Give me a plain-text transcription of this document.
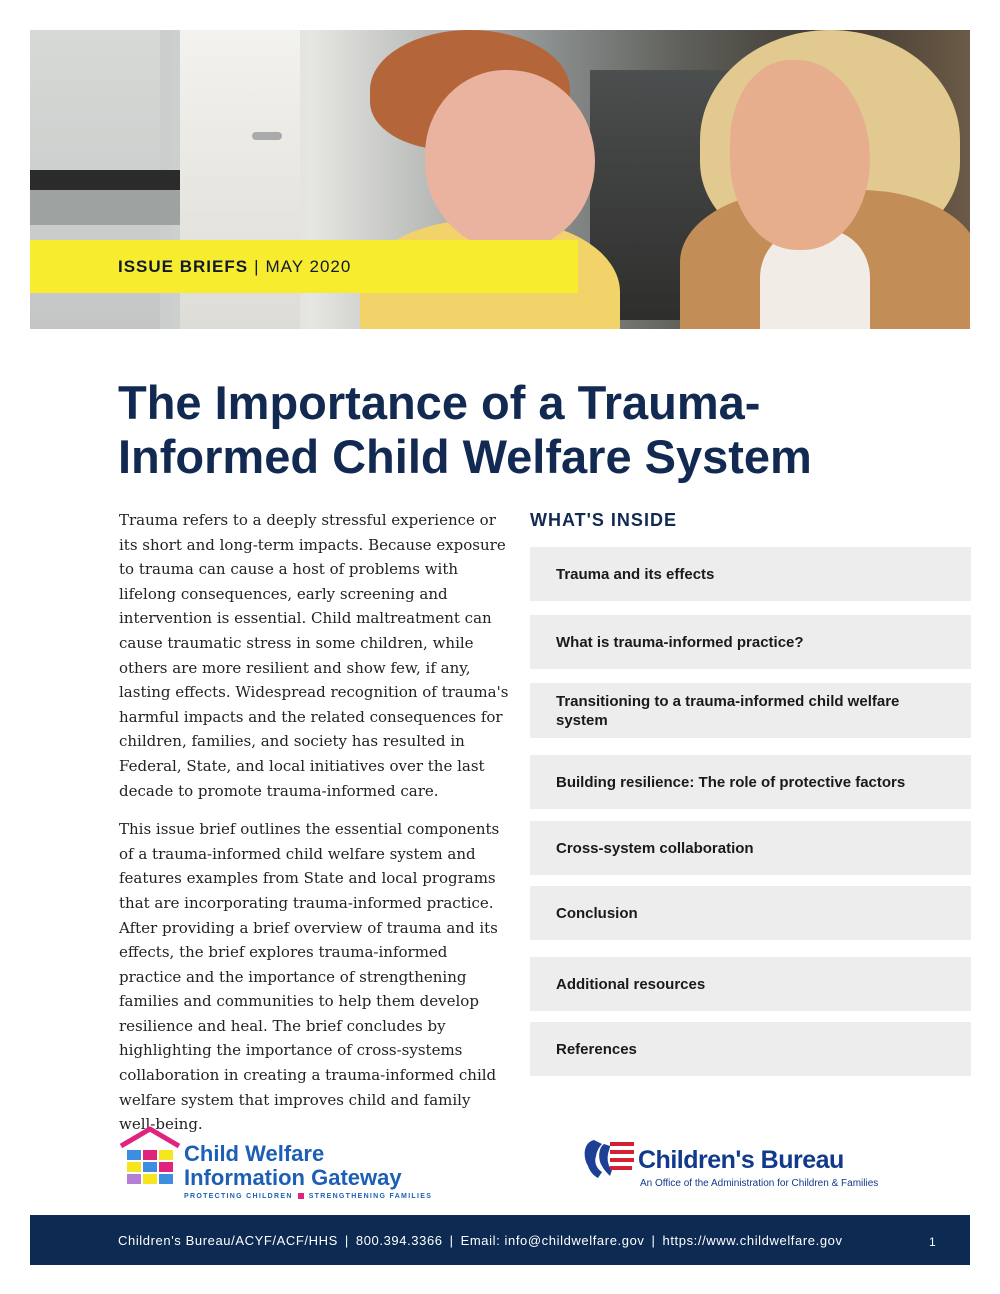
ISSUE BRIEFS | MAY 2020
The Importance of a Trauma-
Informed Child Welfare System

Trauma refers to a deeply stressful experience or its short and long-term impacts. Because exposure to trauma can cause a host of problems with lifelong consequences, early screening and intervention is essential. Child maltreatment can cause traumatic stress in some children, while others are more resilient and show few, if any, lasting effects. Widespread recognition of trauma's harmful impacts and the related consequences for children, families, and society has resulted in Federal, State, and local initiatives over the last decade to promote trauma-informed care.

This issue brief outlines the essential components of a trauma-informed child welfare system and features examples from State and local programs that are incorporating trauma-informed practice. After providing a brief overview of trauma and its effects, the brief explores trauma-informed practice and the importance of strengthening families and communities to help them develop resilience and heal. The brief concludes by highlighting the importance of cross-systems collaboration in creating a trauma-informed child welfare system that improves child and family well-being.

WHAT'S INSIDE
Trauma and its effects
What is trauma-informed practice?
Transitioning to a trauma-informed child welfare system
Building resilience: The role of protective factors
Cross-system collaboration
Conclusion
Additional resources
References
Child Welfare
Information Gateway
PROTECTING CHILDREN STRENGTHENING FAMILIES
Children's Bureau
An Office of the Administration for Children & Families
Children's Bureau/ACYF/ACF/HHS | 800.394.3366 | Email: info@childwelfare.gov | https://www.childwelfare.gov	1
